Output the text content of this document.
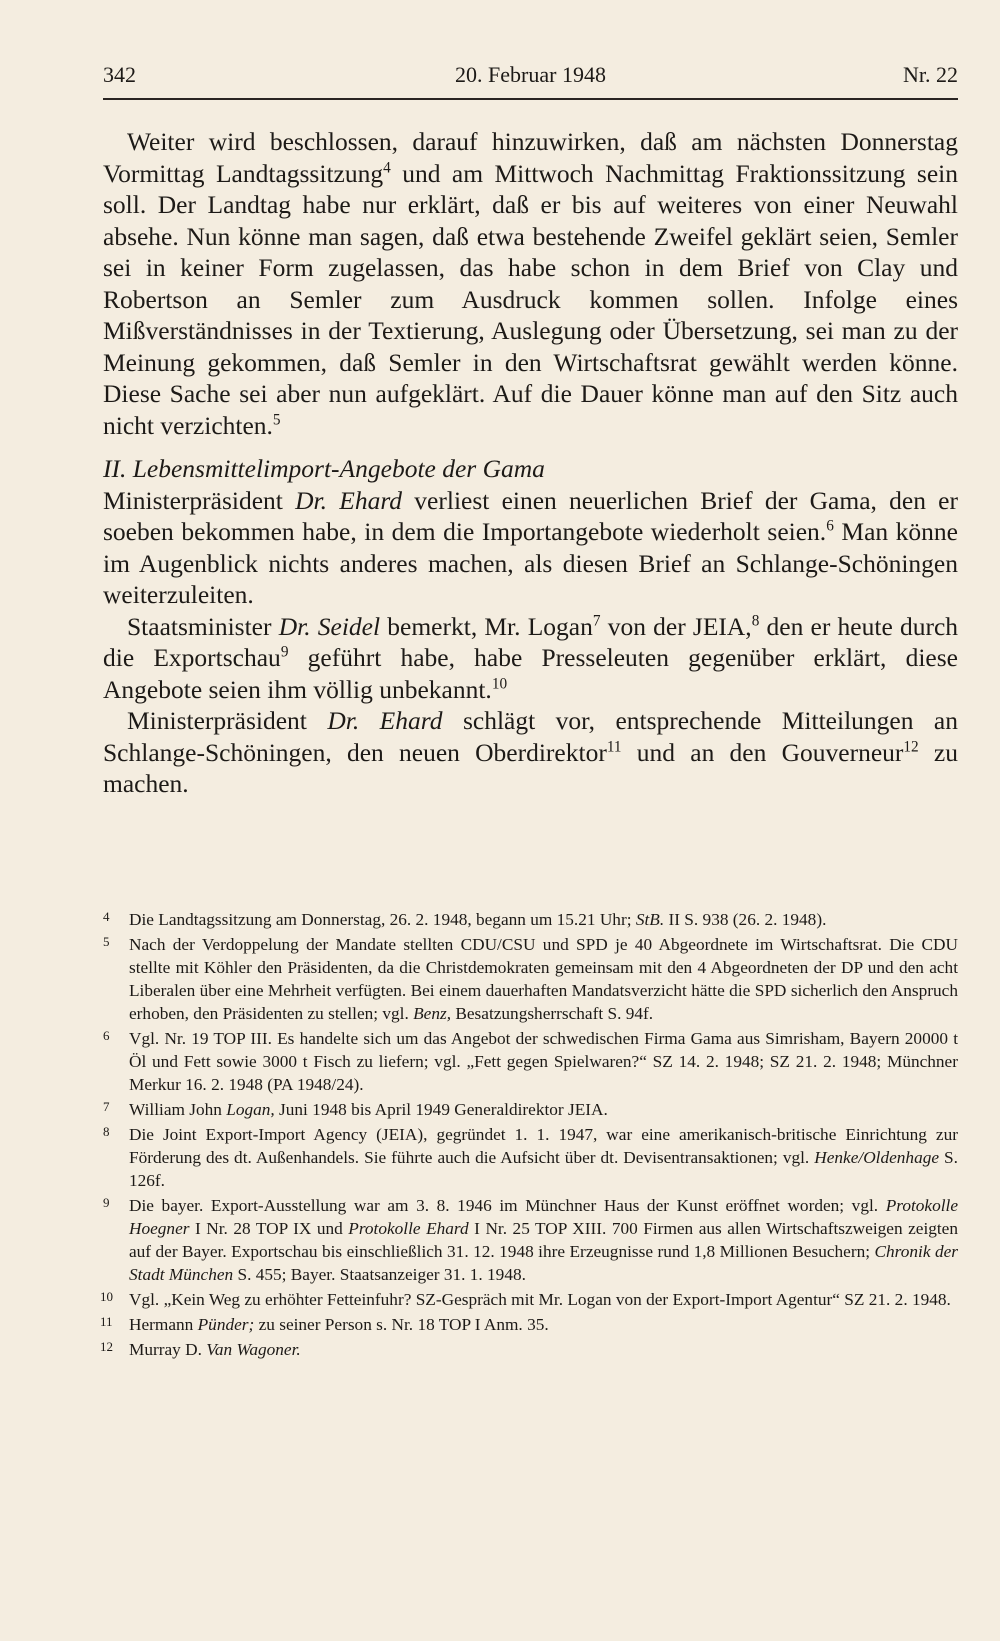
342	20. Februar 1948	Nr. 22

Weiter wird beschlossen, darauf hinzuwirken, daß am nächsten Donnerstag Vormittag Landtagssitzung$^4$ und am Mittwoch Nachmittag Fraktionssitzung sein soll. Der Landtag habe nur erklärt, daß er bis auf weiteres von einer Neuwahl absehe. Nun könne man sagen, daß etwa bestehende Zweifel geklärt seien, Semler sei in keiner Form zugelassen, das habe schon in dem Brief von Clay und Robertson an Semler zum Ausdruck kommen sollen. Infolge eines Mißverständnisses in der Textierung, Auslegung oder Übersetzung, sei man zu der Meinung gekommen, daß Semler in den Wirtschaftsrat gewählt werden könne. Diese Sache sei aber nun aufgeklärt. Auf die Dauer könne man auf den Sitz auch nicht verzichten.$^5$

II. Lebensmittelimport-Angebote der Gama

Ministerpräsident Dr. Ehard verliest einen neuerlichen Brief der Gama, den er soeben bekommen habe, in dem die Importangebote wiederholt seien.$^6$ Man könne im Augenblick nichts anderes machen, als diesen Brief an Schlange-Schöningen weiterzuleiten.

Staatsminister Dr. Seidel bemerkt, Mr. Logan$^7$ von der JEIA,$^8$ den er heute durch die Exportschau$^9$ geführt habe, habe Presseleuten gegenüber erklärt, diese Angebote seien ihm völlig unbekannt.$^{10}$

Ministerpräsident Dr. Ehard schlägt vor, entsprechende Mitteilungen an Schlange-Schöningen, den neuen Oberdirektor$^{11}$ und an den Gouverneur$^{12}$ zu machen.

4 Die Landtagssitzung am Donnerstag, 26. 2. 1948, begann um 15.21 Uhr; StB. II S. 938 (26. 2. 1948).

5 Nach der Verdoppelung der Mandate stellten CDU/CSU und SPD je 40 Abgeordnete im Wirtschaftsrat. Die CDU stellte mit Köhler den Präsidenten, da die Christdemokraten gemeinsam mit den 4 Abgeordneten der DP und den acht Liberalen über eine Mehrheit verfügten. Bei einem dauerhaften Mandatsverzicht hätte die SPD sicherlich den Anspruch erhoben, den Präsidenten zu stellen; vgl. Benz, Besatzungsherrschaft S. 94f.

6 Vgl. Nr. 19 TOP III. Es handelte sich um das Angebot der schwedischen Firma Gama aus Simrisham, Bayern 20000 t Öl und Fett sowie 3000 t Fisch zu liefern; vgl. „Fett gegen Spielwaren?“ SZ 14. 2. 1948; SZ 21. 2. 1948; Münchner Merkur 16. 2. 1948 (PA 1948/24).

7 William John Logan, Juni 1948 bis April 1949 Generaldirektor JEIA.

8 Die Joint Export-Import Agency (JEIA), gegründet 1. 1. 1947, war eine amerikanisch-britische Einrichtung zur Förderung des dt. Außenhandels. Sie führte auch die Aufsicht über dt. Devisentransaktionen; vgl. Henke/Oldenhage S. 126f.

9 Die bayer. Export-Ausstellung war am 3. 8. 1946 im Münchner Haus der Kunst eröffnet worden; vgl. Protokolle Hoegner I Nr. 28 TOP IX und Protokolle Ehard I Nr. 25 TOP XIII. 700 Firmen aus allen Wirtschaftszweigen zeigten auf der Bayer. Exportschau bis einschließlich 31. 12. 1948 ihre Erzeugnisse rund 1,8 Millionen Besuchern; Chronik der Stadt München S. 455; Bayer. Staatsanzeiger 31. 1. 1948.

10 Vgl. „Kein Weg zu erhöhter Fetteinfuhr? SZ-Gespräch mit Mr. Logan von der Export-Import Agentur“ SZ 21. 2. 1948.

11 Hermann Pünder; zu seiner Person s. Nr. 18 TOP I Anm. 35.

12 Murray D. Van Wagoner.
